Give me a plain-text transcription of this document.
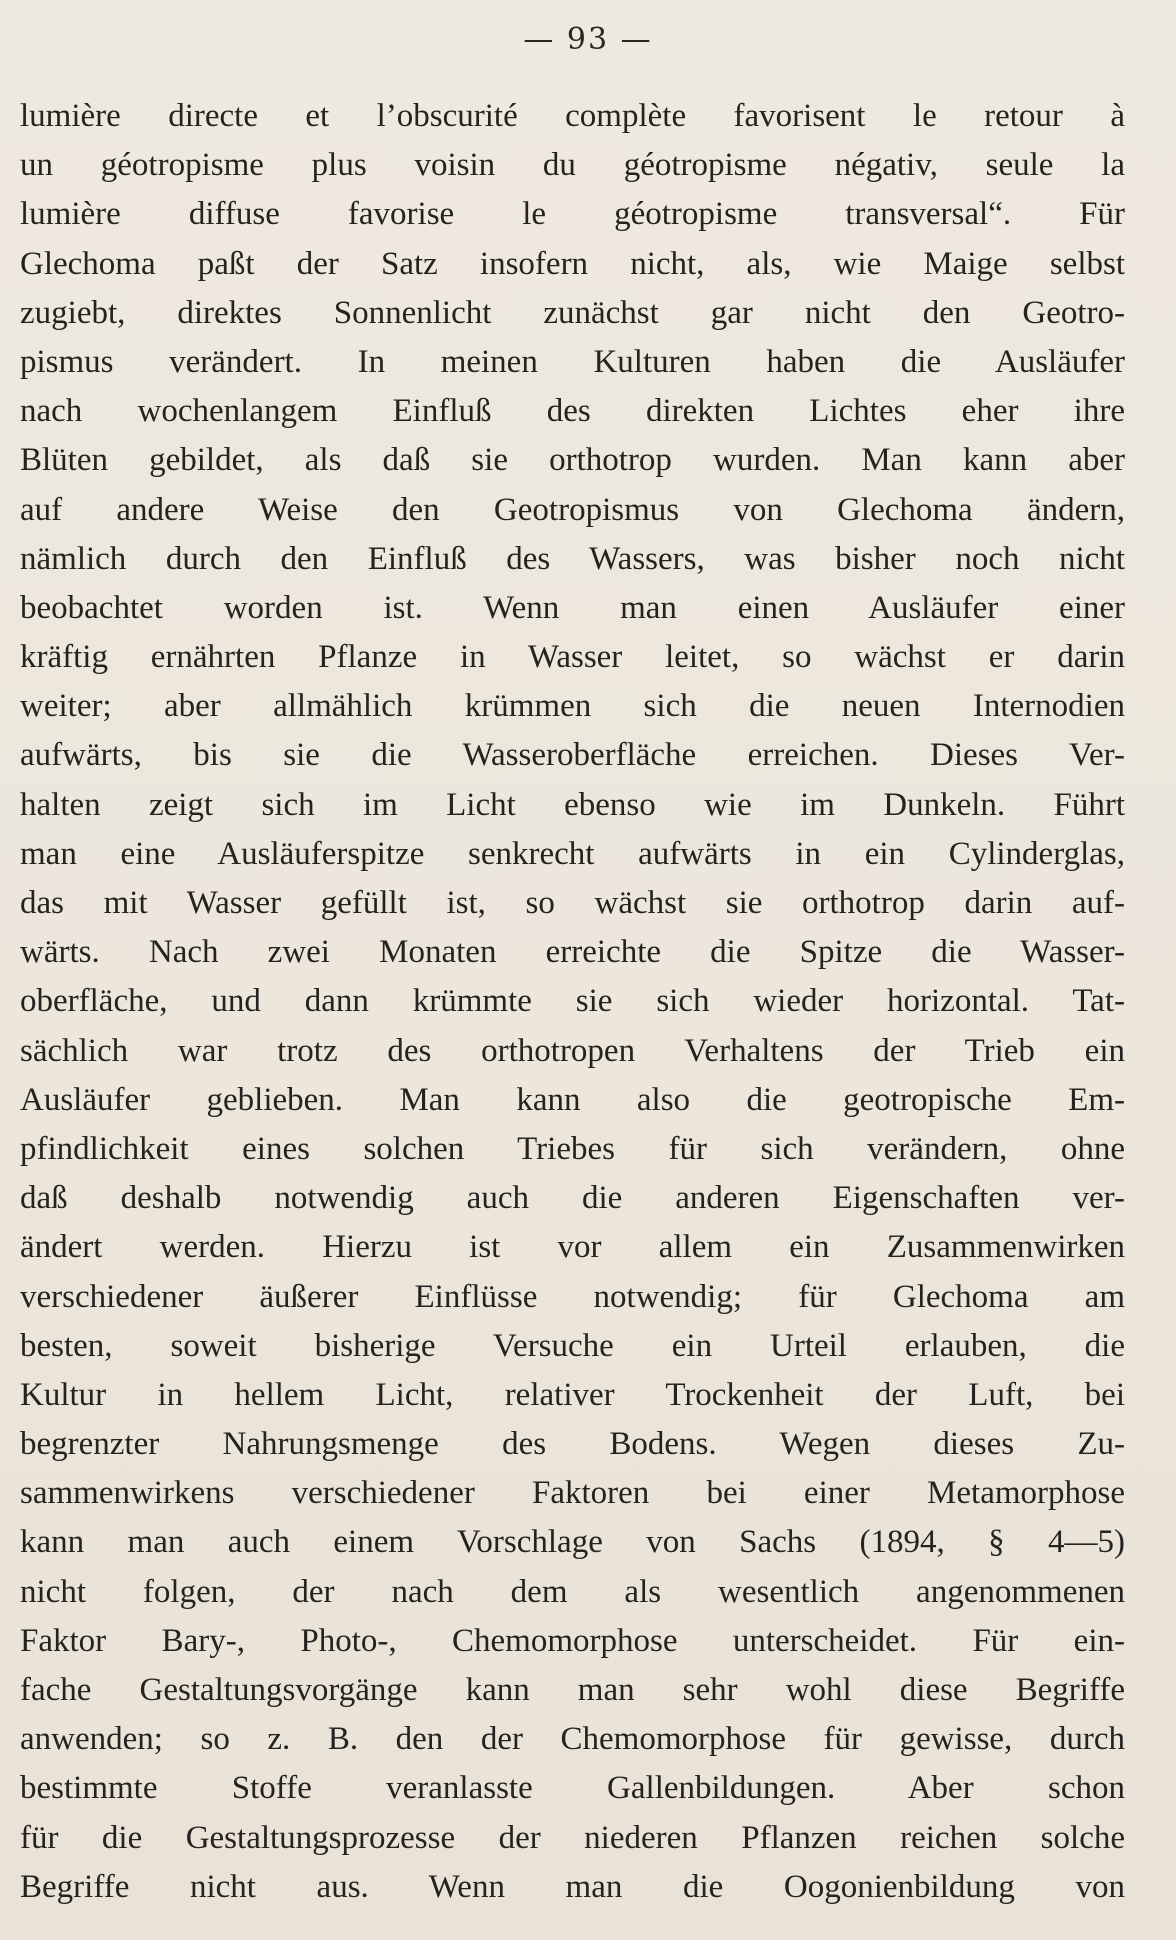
— 93 —
lumière directe et l’obscurité complète favorisent le retour à
un géotropisme plus voisin du géotropisme négativ, seule la
lumière diffuse favorise le géotropisme transversal“. Für
Glechoma paßt der Satz insofern nicht, als, wie Maige selbst
zugiebt, direktes Sonnenlicht zunächst gar nicht den Geotro-
pismus verändert. In meinen Kulturen haben die Ausläufer
nach wochenlangem Einfluß des direkten Lichtes eher ihre
Blüten gebildet, als daß sie orthotrop wurden. Man kann aber
auf andere Weise den Geotropismus von Glechoma ändern,
nämlich durch den Einfluß des Wassers, was bisher noch nicht
beobachtet worden ist. Wenn man einen Ausläufer einer
kräftig ernährten Pflanze in Wasser leitet, so wächst er darin
weiter; aber allmählich krümmen sich die neuen Internodien
aufwärts, bis sie die Wasseroberfläche erreichen. Dieses Ver-
halten zeigt sich im Licht ebenso wie im Dunkeln. Führt
man eine Ausläuferspitze senkrecht aufwärts in ein Cylinderglas,
das mit Wasser gefüllt ist, so wächst sie orthotrop darin auf-
wärts. Nach zwei Monaten erreichte die Spitze die Wasser-
oberfläche, und dann krümmte sie sich wieder horizontal. Tat-
sächlich war trotz des orthotropen Verhaltens der Trieb ein
Ausläufer geblieben. Man kann also die geotropische Em-
pfindlichkeit eines solchen Triebes für sich verändern, ohne
daß deshalb notwendig auch die anderen Eigenschaften ver-
ändert werden. Hierzu ist vor allem ein Zusammenwirken
verschiedener äußerer Einflüsse notwendig; für Glechoma am
besten, soweit bisherige Versuche ein Urteil erlauben, die
Kultur in hellem Licht, relativer Trockenheit der Luft, bei
begrenzter Nahrungsmenge des Bodens. Wegen dieses Zu-
sammenwirkens verschiedener Faktoren bei einer Metamorphose
kann man auch einem Vorschlage von Sachs (1894, § 4—5)
nicht folgen, der nach dem als wesentlich angenommenen
Faktor Bary-, Photo-, Chemomorphose unterscheidet. Für ein-
fache Gestaltungsvorgänge kann man sehr wohl diese Begriffe
anwenden; so z. B. den der Chemomorphose für gewisse, durch
bestimmte Stoffe veranlasste Gallenbildungen. Aber schon
für die Gestaltungsprozesse der niederen Pflanzen reichen solche
Begriffe nicht aus. Wenn man die Oogonienbildung von
